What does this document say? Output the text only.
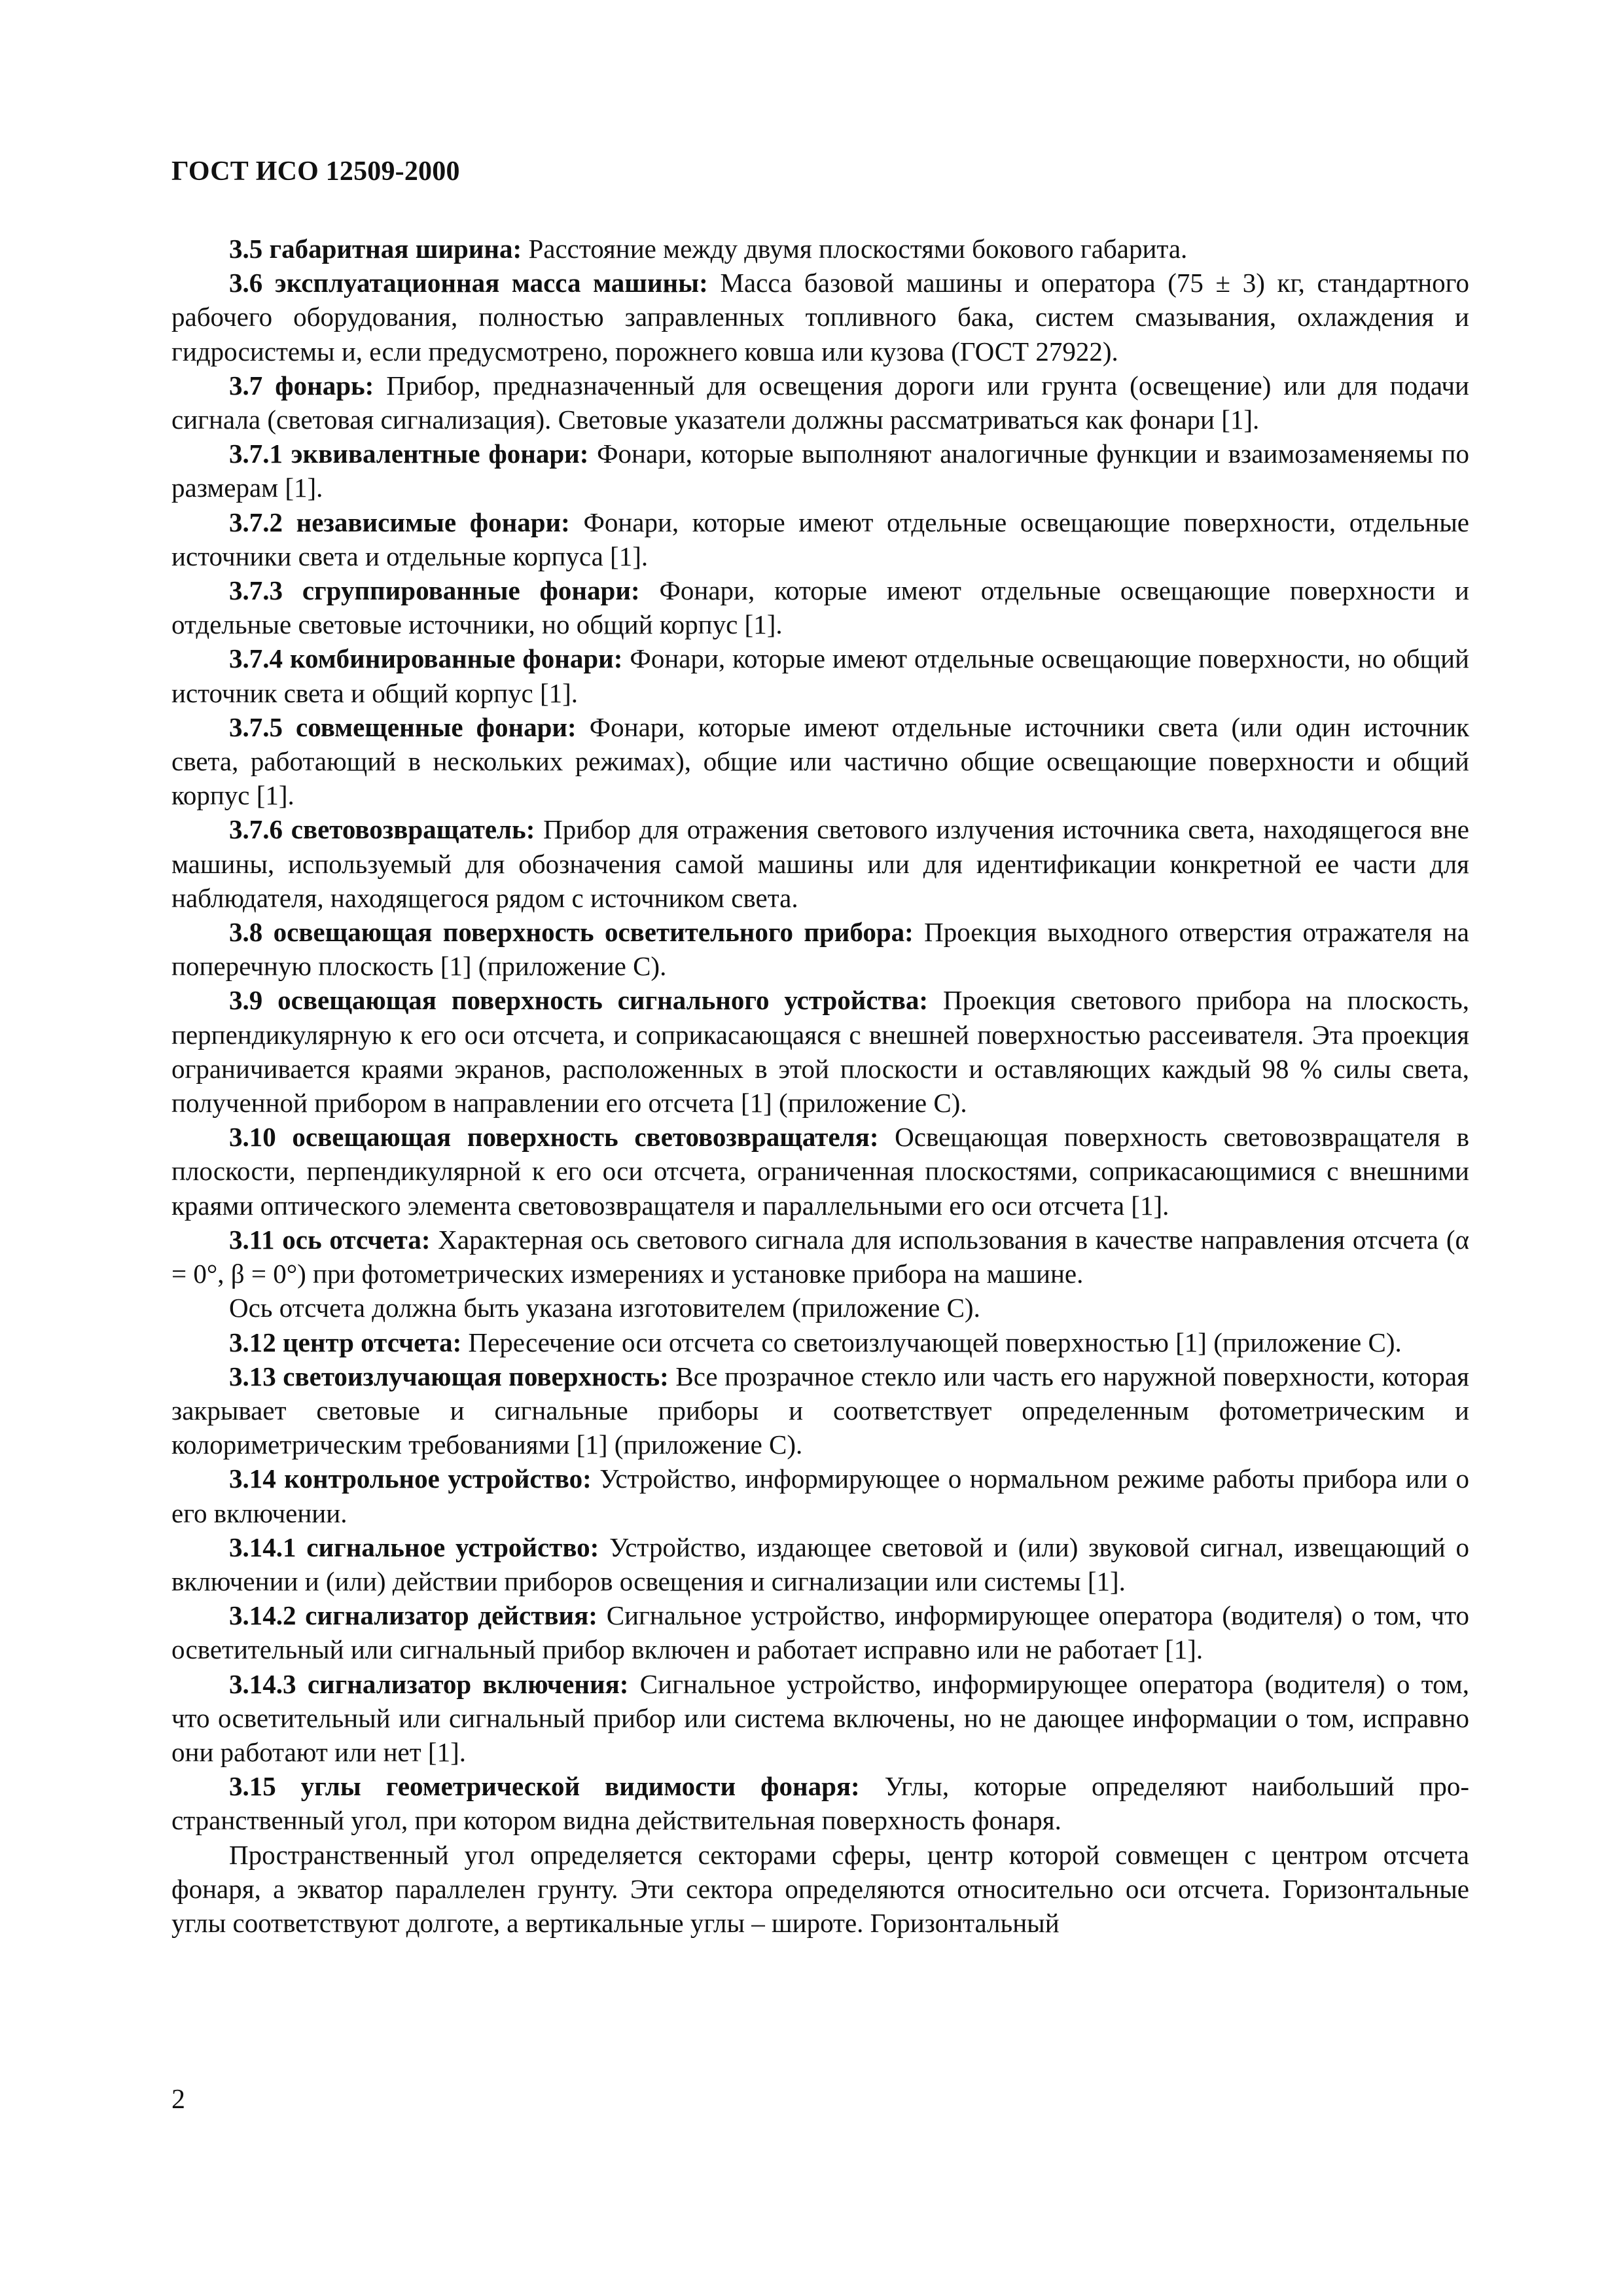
ГОСТ ИСО 12509-2000

3.5 габаритная ширина: Расстояние между двумя плоскостями бокового габарита.

3.6 эксплуатационная масса машины: Масса базовой машины и оператора (75 ± 3) кг, стандартного рабочего оборудования, полностью заправленных топливного бака, систем смазывания, охлаждения и гидросистемы и, если предусмотрено, порожнего ковша или кузова (ГОСТ 27922).

3.7 фонарь: Прибор, предназначенный для освещения дороги или грунта (освещение) или для подачи сигнала (световая сигнализация). Световые указатели должны рассматриваться как фонари [1].

3.7.1 эквивалентные фонари: Фонари, которые выполняют аналогичные функции и взаимозаменяемы по размерам [1].

3.7.2 независимые фонари: Фонари, которые имеют отдельные освещающие поверхности, отдельные источники света и отдельные корпуса [1].

3.7.3 сгруппированные фонари: Фонари, которые имеют отдельные освещающие поверхности и отдельные световые источники, но общий корпус [1].

3.7.4 комбинированные фонари: Фонари, которые имеют отдельные освещающие поверхности, но общий источник света и общий корпус [1].

3.7.5 совмещенные фонари: Фонари, которые имеют отдельные источники света (или один источник света, работающий в нескольких режимах), общие или частично общие освещающие поверхности и общий корпус [1].

3.7.6 световозвращатель: Прибор для отражения светового излучения источника света, находящегося вне машины, используемый для обозначения самой машины или для идентификации конкретной ее части для наблюдателя, находящегося рядом с источником света.

3.8 освещающая поверхность осветительного прибора: Проекция выходного отверстия отражателя на поперечную плоскость [1] (приложение С).

3.9 освещающая поверхность сигнального устройства: Проекция светового прибора на плоскость, перпендикулярную к его оси отсчета, и соприкасающаяся с внешней поверхностью рассеивателя. Эта проекция ограничивается краями экранов, расположенных в этой плоскости и оставляющих каждый 98 % силы света, полученной прибором в направлении его отсчета [1] (приложение С).

3.10 освещающая поверхность световозвращателя: Освещающая поверхность световозвращателя в плоскости, перпендикулярной к его оси отсчета, ограниченная плоскостями, соприкасающимися с внешними краями оптического элемента световозвращателя и параллельными его оси отсчета [1].

3.11 ось отсчета: Характерная ось светового сигнала для использования в качестве направления отсчета (α = 0°, β = 0°) при фотометрических измерениях и установке прибора на машине.

Ось отсчета должна быть указана изготовителем (приложение С).

3.12 центр отсчета: Пересечение оси отсчета со светоизлучающей поверхностью [1] (приложение С).

3.13 светоизлучающая поверхность: Все прозрачное стекло или часть его наружной поверхности, которая закрывает световые и сигнальные приборы и соответствует определенным фотометрическим и колориметрическим требованиями [1] (приложение С).

3.14 контрольное устройство: Устройство, информирующее о нормальном режиме работы прибора или о его включении.

3.14.1 сигнальное устройство: Устройство, издающее световой и (или) звуковой сигнал, извещающий о включении и (или) действии приборов освещения и сигнализации или системы [1].

3.14.2 сигнализатор действия: Сигнальное устройство, информирующее оператора (водителя) о том, что осветительный или сигнальный прибор включен и работает исправно или не работает [1].

3.14.3 сигнализатор включения: Сигнальное устройство, информирующее оператора (водителя) о том, что осветительный или сигнальный прибор или система включены, но не дающее информации о том, исправно они работают или нет [1].

3.15 углы геометрической видимости фонаря: Углы, которые определяют наибольший пространственный угол, при котором видна действительная поверхность фонаря.

Пространственный угол определяется секторами сферы, центр которой совмещен с центром отсчета фонаря, а экватор параллелен грунту. Эти сектора определяются относительно оси отсчета. Горизонтальные углы соответствуют долготе, а вертикальные углы – широте. Горизонтальный

2
